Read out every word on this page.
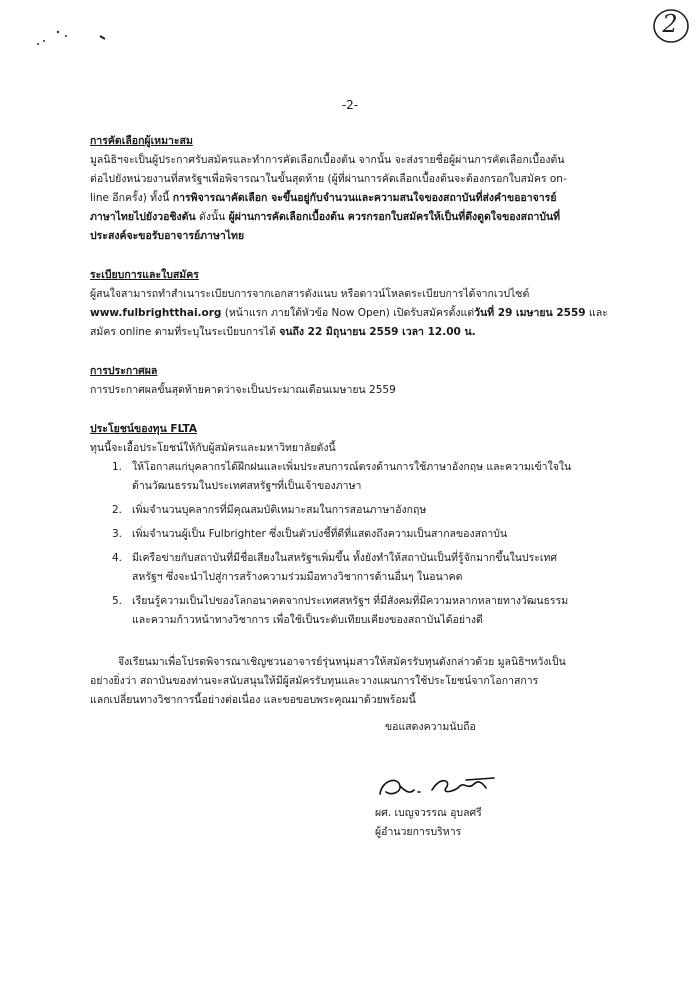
2
-2-

การคัดเลือกผู้เหมาะสม

มูลนิธิฯจะเป็นผู้ประกาศรับสมัครและทำการคัดเลือกเบื้องต้น จากนั้น จะส่งรายชื่อผู้ผ่านการคัดเลือกเบื้องต้น
ต่อไปยังหน่วยงานที่สหรัฐฯเพื่อพิจารณาในขั้นสุดท้าย (ผู้ที่ผ่านการคัดเลือกเบื้องต้นจะต้องกรอกใบสมัคร on-
line อีกครั้ง) ทั้งนี้ การพิจารณาคัดเลือก จะขึ้นอยู่กับจำนวนและความสนใจของสถาบันที่ส่งคำขออาจารย์
ภาษาไทยไปยังวอชิงตัน ดังนั้น ผู้ผ่านการคัดเลือกเบื้องต้น ควรกรอกใบสมัครให้เป็นที่ดึงดูดใจของสถาบันที่
ประสงค์จะขอรับอาจารย์ภาษาไทย

ระเบียบการและใบสมัคร

ผู้สนใจสามารถทำสำเนาระเบียบการจากเอกสารดังแนบ หรือดาวน์โหลดระเบียบการได้จากเวปไซต์
www.fulbrightthai.org (หน้าแรก ภายใต้หัวข้อ Now Open) เปิดรับสมัครตั้งแต่วันที่ 29 เมษายน 2559 และ
สมัคร online ตามที่ระบุในระเบียบการได้ จนถึง 22 มิถุนายน 2559 เวลา 12.00 น.

การประกาศผล

การประกาศผลขั้นสุดท้ายคาดว่าจะเป็นประมาณเดือนเมษายน 2559

ประโยชน์ของทุน FLTA

ทุนนี้จะเอื้อประโยชน์ให้กับผู้สมัครและมหาวิทยาลัยดังนี้

1. ให้โอกาสแก่บุคลากรได้ฝึกฝนและเพิ่มประสบการณ์ตรงด้านการใช้ภาษาอังกฤษ และความเข้าใจใน
ด้านวัฒนธรรมในประเทศสหรัฐฯที่เป็นเจ้าของภาษา
2. เพิ่มจำนวนบุคลากรที่มีคุณสมบัติเหมาะสมในการสอนภาษาอังกฤษ
3. เพิ่มจำนวนผู้เป็น Fulbrighter ซึ่งเป็นตัวบ่งชี้ที่ดีที่แสดงถึงความเป็นสากลของสถาบัน
4. มีเครือข่ายกับสถาบันที่มีชื่อเสียงในสหรัฐฯเพิ่มขึ้น ทั้งยังทำให้สถาบันเป็นที่รู้จักมากขึ้นในประเทศ
สหรัฐฯ ซึ่งจะนำไปสู่การสร้างความร่วมมือทางวิชาการด้านอื่นๆ ในอนาคต
5. เรียนรู้ความเป็นไปของโลกอนาคตจากประเทศสหรัฐฯ ที่มีสังคมที่มีความหลากหลายทางวัฒนธรรม
และความก้าวหน้าทางวิชาการ เพื่อใช้เป็นระดับเทียบเคียงของสถาบันได้อย่างดี

จึงเรียนมาเพื่อโปรดพิจารณาเชิญชวนอาจารย์รุ่นหนุ่มสาวให้สมัครรับทุนดังกล่าวด้วย มูลนิธิฯหวังเป็น

อย่างยิ่งว่า สถาบันของท่านจะสนับสนุนให้มีผู้สมัครรับทุนและวางแผนการใช้ประโยชน์จากโอกาสการ
แลกเปลี่ยนทางวิชาการนี้อย่างต่อเนื่อง และขอขอบพระคุณมาด้วยพร้อมนี้

ขอแสดงความนับถือ
ผศ. เบญจวรรณ อุบลศรี
ผู้อำนวยการบริหาร
